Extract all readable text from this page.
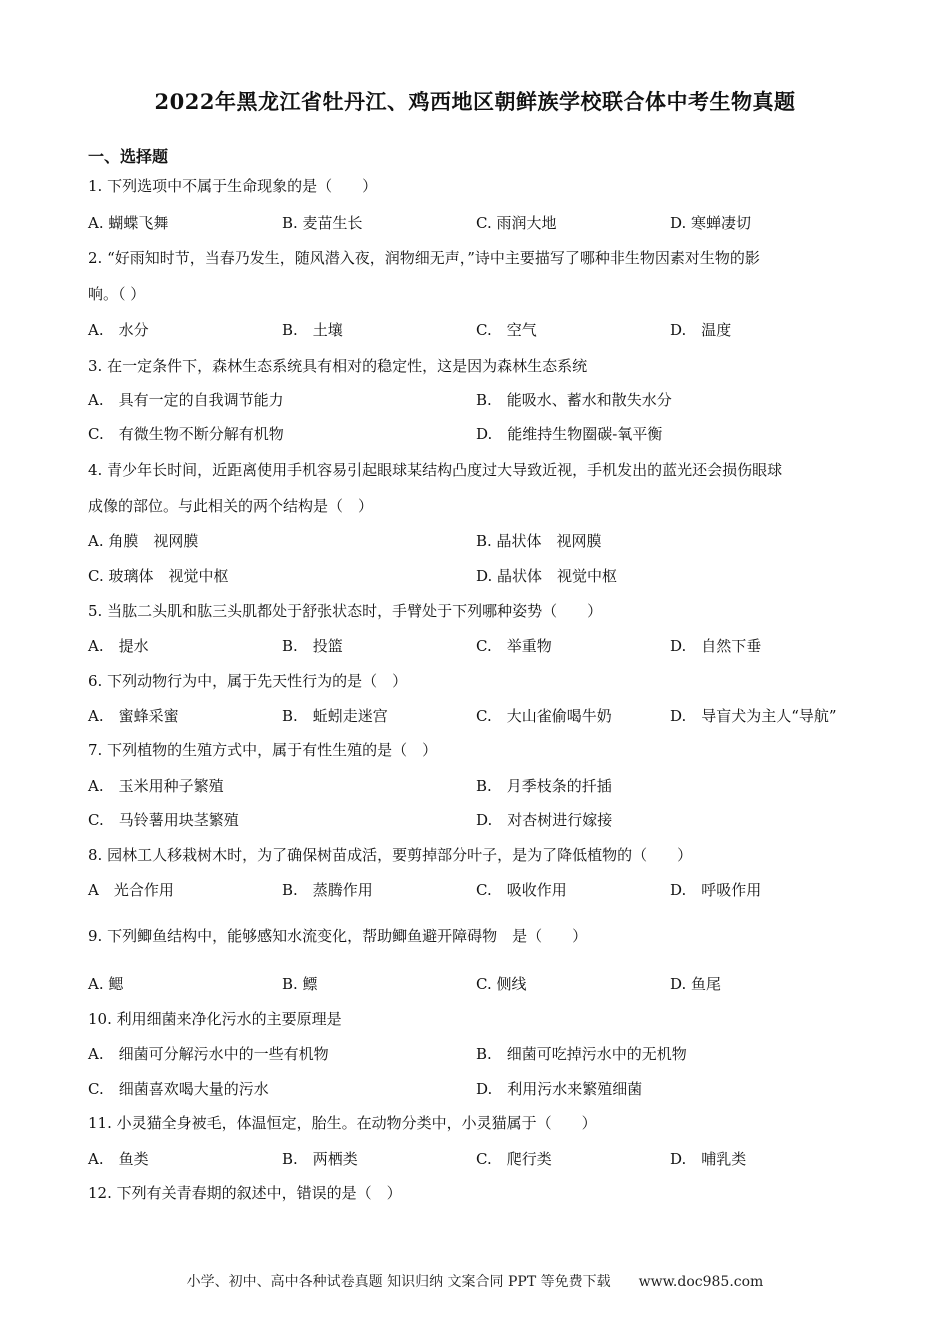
2022年黑龙江省牡丹江、鸡西地区朝鲜族学校联合体中考生物真题
一、选择题
1. 下列选项中不属于生命现象的是（　　）
A. 蝴蝶飞舞	B. 麦苗生长	C. 雨润大地	D. 寒蝉凄切
2. “好雨知时节，当春乃发生，随风潜入夜，润物细无声，”诗中主要描写了哪种非生物因素对生物的影
响。（ ）
A.　水分	B.　土壤	C.　空气	D.　温度
3. 在一定条件下，森林生态系统具有相对的稳定性，这是因为森林生态系统
A.　具有一定的自我调节能力	B.　能吸水、蓄水和散失水分
C.　有微生物不断分解有机物	D.　能维持生物圈碳-氧平衡
4. 青少年长时间，近距离使用手机容易引起眼球某结构凸度过大导致近视，手机发出的蓝光还会损伤眼球
成像的部位。与此相关的两个结构是（　）
A. 角膜　视网膜	B. 晶状体　视网膜
C. 玻璃体　视觉中枢	D. 晶状体　视觉中枢
5. 当肱二头肌和肱三头肌都处于舒张状态时，手臂处于下列哪种姿势（　　）
A.　提水	B.　投篮	C.　举重物	D.　自然下垂
6. 下列动物行为中，属于先天性行为的是（　）
A.　蜜蜂采蜜	B.　蚯蚓走迷宫	C.　大山雀偷喝牛奶	D.　导盲犬为主人“导航”
7. 下列植物的生殖方式中，属于有性生殖的是（　）
A.　玉米用种子繁殖	B.　月季枝条的扦插
C.　马铃薯用块茎繁殖	D.　对杏树进行嫁接
8. 园林工人移栽树木时，为了确保树苗成活，要剪掉部分叶子，是为了降低植物的（　　）
A　光合作用	B.　蒸腾作用	C.　吸收作用	D.　呼吸作用
9. 下列鲫鱼结构中，能够感知水流变化，帮助鲫鱼避开障碍物　是（　　）
A. 鳃	B. 鳔	C. 侧线	D. 鱼尾
10. 利用细菌来净化污水的主要原理是
A.　细菌可分解污水中的一些有机物	B.　细菌可吃掉污水中的无机物
C.　细菌喜欢喝大量的污水	D.　利用污水来繁殖细菌
11. 小灵猫全身被毛，体温恒定，胎生。在动物分类中，小灵猫属于（　　）
A.　鱼类	B.　两栖类	C.　爬行类	D.　哺乳类
12. 下列有关青春期的叙述中，错误的是（　）
小学、初中、高中各种试卷真题 知识归纳 文案合同 PPT 等免费下载　　www.doc985.com
